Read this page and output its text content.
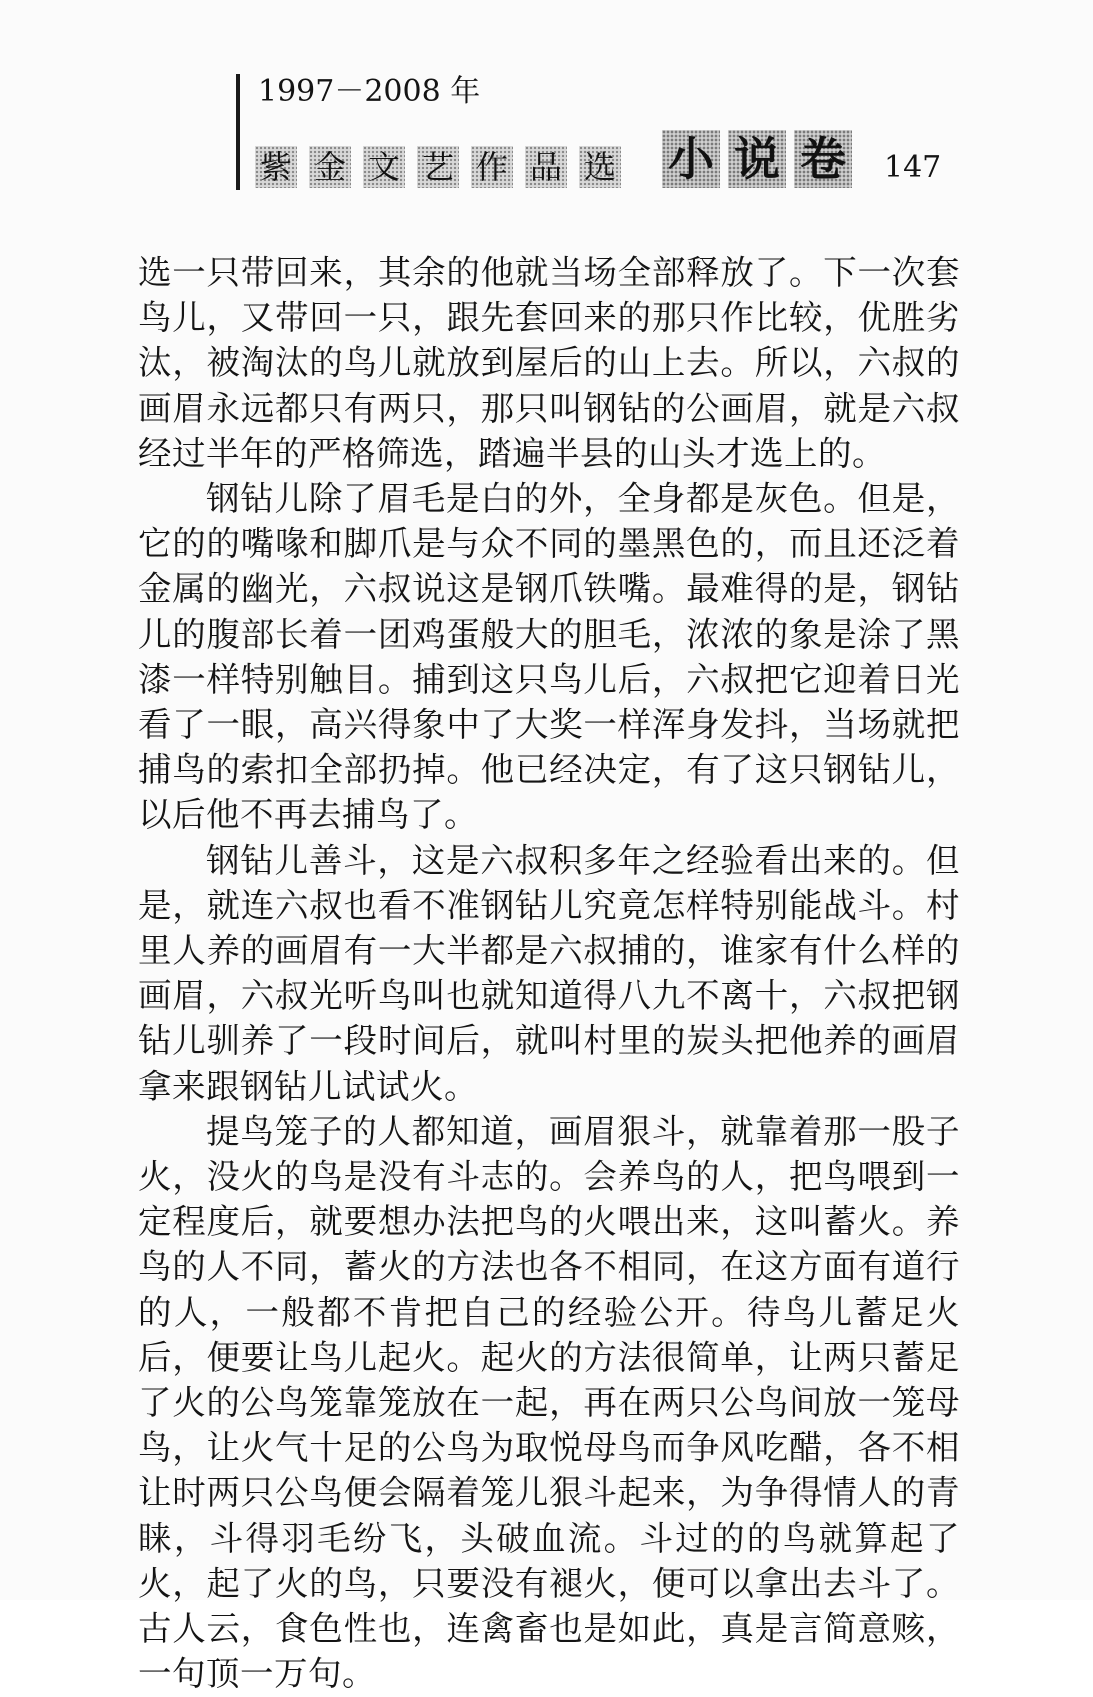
1997－2008 年
紫 金 文 艺 作 品 选 小 说 卷 147

选一只带回来，其余的他就当场全部释放了。下一次套鸟儿，又带回一只，跟先套回来的那只作比较，优胜劣汰，被淘汰的鸟儿就放到屋后的山上去。所以，六叔的画眉永远都只有两只，那只叫钢钻的公画眉，就是六叔经过半年的严格筛选，踏遍半县的山头才选上的。

钢钻儿除了眉毛是白的外，全身都是灰色。但是，它的的嘴喙和脚爪是与众不同的墨黑色的，而且还泛着金属的幽光，六叔说这是钢爪铁嘴。最难得的是，钢钻儿的腹部长着一团鸡蛋般大的胆毛，浓浓的象是涂了黑漆一样特别触目。捕到这只鸟儿后，六叔把它迎着日光看了一眼，高兴得象中了大奖一样浑身发抖，当场就把捕鸟的索扣全部扔掉。他已经决定，有了这只钢钻儿，以后他不再去捕鸟了。

钢钻儿善斗，这是六叔积多年之经验看出来的。但是，就连六叔也看不准钢钻儿究竟怎样特别能战斗。村里人养的画眉有一大半都是六叔捕的，谁家有什么样的画眉，六叔光听鸟叫也就知道得八九不离十，六叔把钢钻儿驯养了一段时间后，就叫村里的炭头把他养的画眉拿来跟钢钻儿试试火。

提鸟笼子的人都知道，画眉狠斗，就靠着那一股子火，没火的鸟是没有斗志的。会养鸟的人，把鸟喂到一定程度后，就要想办法把鸟的火喂出来，这叫蓄火。养鸟的人不同，蓄火的方法也各不相同，在这方面有道行的人，一般都不肯把自己的经验公开。待鸟儿蓄足火后，便要让鸟儿起火。起火的方法很简单，让两只蓄足了火的公鸟笼靠笼放在一起，再在两只公鸟间放一笼母鸟，让火气十足的公鸟为取悦母鸟而争风吃醋，各不相让时两只公鸟便会隔着笼儿狠斗起来，为争得情人的青睐，斗得羽毛纷飞，头破血流。斗过的的鸟就算起了火，起了火的鸟，只要没有褪火，便可以拿出去斗了。古人云，食色性也，连禽畜也是如此，真是言简意赅，一句顶一万句。
